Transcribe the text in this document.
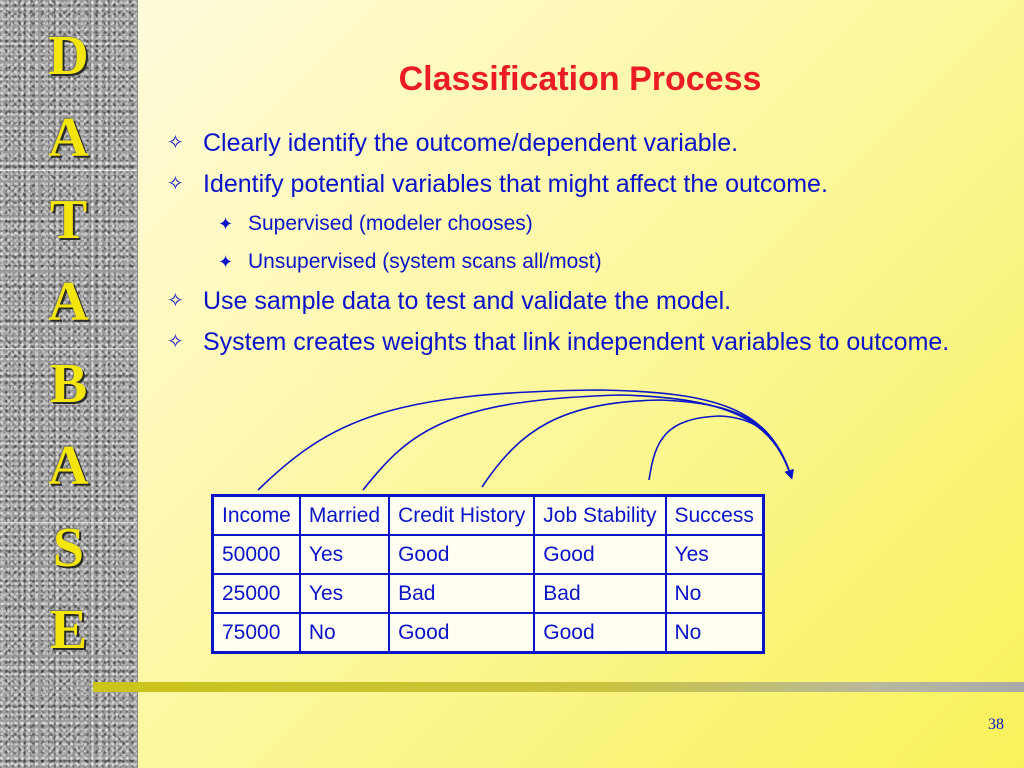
D
A
T
A
B
A
S
E
Classification Process
✧ Clearly identify the outcome/dependent variable.
✧ Identify potential variables that might affect the outcome.
✦ Supervised (modeler chooses)
✦ Unsupervised (system scans all/most)
✧ Use sample data to test and validate the model.
✧ System creates weights that link independent variables to outcome.
Income	Married	Credit History	Job Stability	Success
50000	Yes	Good	Good	Yes
25000	Yes	Bad	Bad	No
75000	No	Good	Good	No
38
